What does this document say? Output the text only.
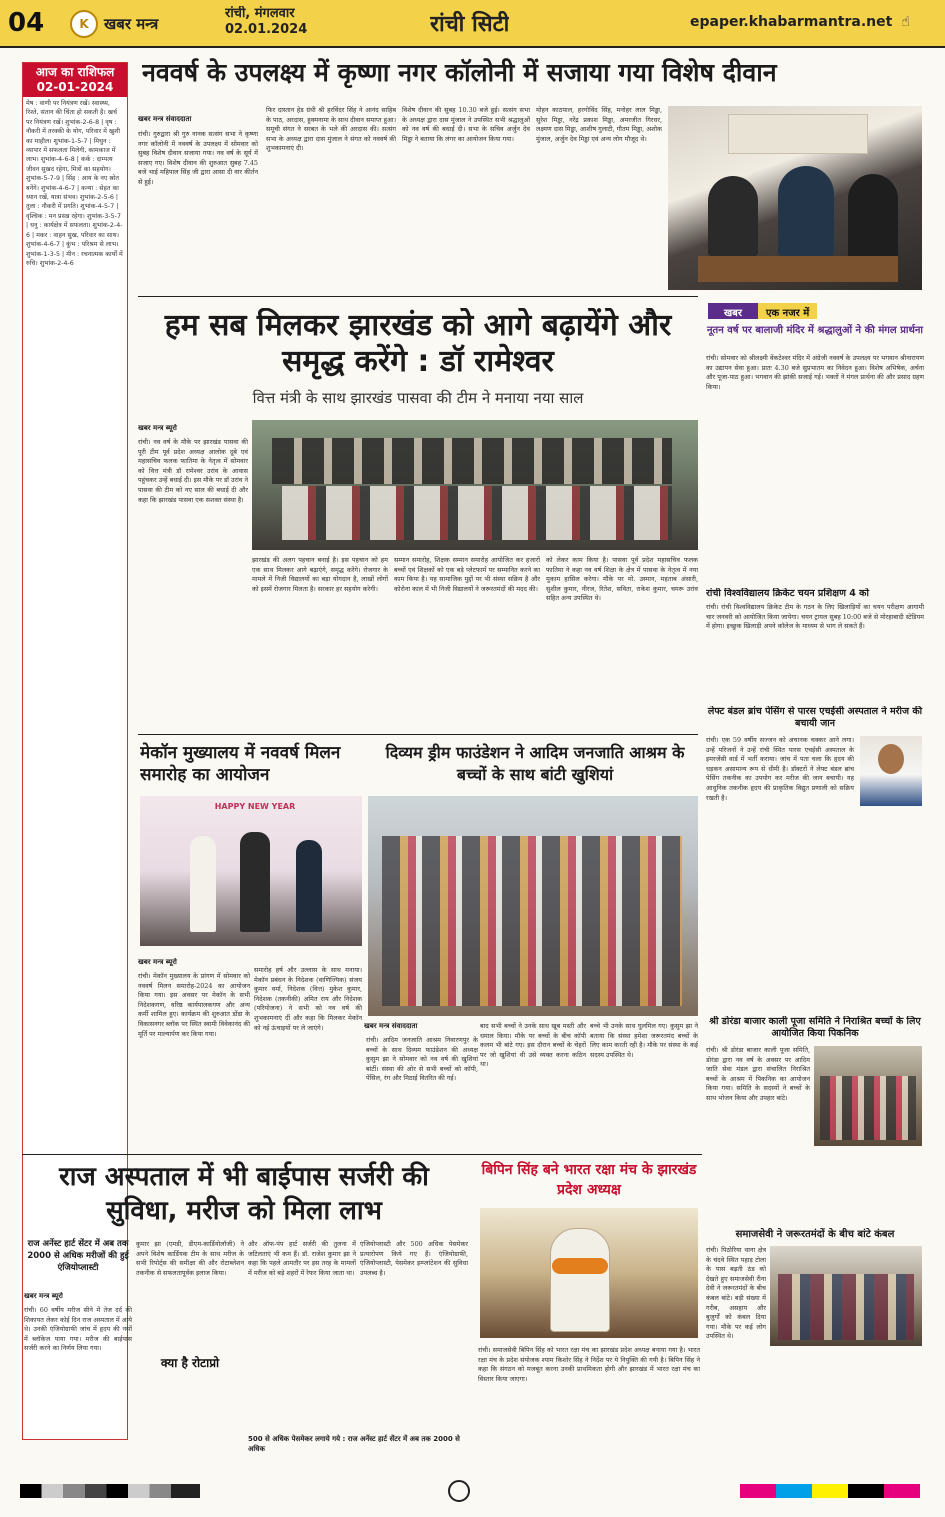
04	K	खबर मन्त्र
रांची, मंगलवार
02.01.2024	रांची सिटी	epaper.khabarmantra.net ☝
आज का राशिफल
02-01-2024
मेष : वाणी पर नियंत्रण रखें। स्वास्थ्य, रिश्ते, संतान की चिंता हो सकती है। खर्च पर नियंत्रण रखें। शुभांक-2-6-8 | वृष : नौकरी में तरक्की के योग, परिवार में खुशी का माहौल। शुभांक-1-5-7 | मिथुन : व्यापार में सफलता मिलेगी, कामकाज में लाभ। शुभांक-4-6-8 | कर्क : दाम्पत्य जीवन सुखद रहेगा, मित्रों का सहयोग। शुभांक-5-7-9 | सिंह : आय के नए स्रोत बनेंगे। शुभांक-4-6-7 | कन्या : सेहत का ध्यान रखें, यात्रा संभव। शुभांक-2-5-6 | तुला : नौकरी में प्रगति। शुभांक-4-5-7 | वृश्चिक : मन प्रसन्न रहेगा। शुभांक-3-5-7 | धनु : कार्यक्षेत्र में सफलता। शुभांक-2-4-6 | मकर : वाहन सुख, परिवार का साथ। शुभांक-4-6-7 | कुंभ : परिश्रम से लाभ। शुभांक-1-3-5 | मीन : रचनात्मक कार्यों में रुचि। शुभांक-2-4-6
नववर्ष के उपलक्ष्य में कृष्णा नगर कॉलोनी में सजाया गया विशेष दीवान
खबर मन्त्र संवाददाता
रांची। गुरुद्वारा श्री गुरु नानक सत्संग सभा ने कृष्णा नगर कॉलोनी में नववर्ष के उपलक्ष्य में सोमवार को सुबह विशेष दीवान सजाया गया। नव वर्ष के सूर्य में सजाए गए। विशेष दीवान की शुरुआत सुबह 7.45 बजे भाई महिपाल सिंह जी द्वारा आसा दी वार कीर्तन से हुई।
फिर दास्तान हेड ग्रंथी श्री हरविंदर सिंह ने आनंद साहिब के पाठ, अरदास, हुक्मनामा के साथ दीवान समाप्त हुआ। समूची संगत ने सरबत के भले की अरदास की। सत्संग सभा के अध्यक्ष द्वारा दास मुंजाल ने संगत को नववर्ष की शुभकामनाएं दी।
विशेष दीवान की सुबह 10.30 बजे हुई। सत्संग सभा के अध्यक्ष द्वारा दास मुंजाल ने उपस्थित सभी श्रद्धालुओं को नव वर्ष की बधाई दी। सभा के सचिव अर्जुन देव मिड्ढा ने बताया कि लंगर का आयोजन किया गया।
मोहन काठपाल, हरगोविंद सिंह, मनोहर लाल मिड्ढा, सुरेश मिड्ढा, नरेंद्र प्रकाश मिड्ढा, अमरजीत गिरधर, लक्ष्मण दास मिड्ढा, आशीष गुलाटी, गौतम मिड्ढा, अशोक मुंजाल, अर्जुन देव मिड्ढा एवं अन्य लोग मौजूद थे।
हम सब मिलकर झारखंड को आगे बढ़ायेंगे और समृद्ध करेंगे : डॉ रामेश्वर
वित्त मंत्री के साथ झारखंड पासवा की टीम ने मनाया नया साल
खबर मन्त्र ब्यूरो
रांची। नव वर्ष के मौके पर झारखंड पासवा की पूरी टीम पूर्व प्रदेश अध्यक्ष आलोक दूबे एवं महासचिव फलक फातिमा के नेतृत्व में सोमवार को वित्त मंत्री डॉ रामेश्वर उरांव के आवास पहुंचकर उन्हें बधाई दी। इस मौके पर डॉ उरांव ने पासवा की टीम को नए साल की बधाई दी और कहा कि झारखंड पासवा एक सशक्त संस्था है।
झारखंड की अलग पहचान बनाई है। इस पहचान को हम एक साथ मिलकर आगे बढ़ाएंगे, समृद्ध करेंगे। रोजगार के मामले में निजी विद्यालयों का बड़ा योगदान है, लाखों लोगों को इसमें रोजगार मिलता है। सरकार हर सहयोग करेगी।
सम्मान समारोह, शिक्षक सम्मान समारोह आयोजित कर हजारों बच्चों एवं शिक्षकों को एक बड़े प्लेटफार्म पर सम्मानित करने का काम किया है। यह सामाजिक मुद्दों पर भी संस्था सक्रिय है और कोरोना काल में भी निजी विद्यालयों ने जरूरतमंदों की मदद की।
को लेकर काम किया है। पासवा पूर्व प्रदेश महासचिव फलक फातिमा ने कहा नव वर्ष शिक्षा के क्षेत्र में पासवा के नेतृत्व में नया मुकाम हासिल करेगा। मौके पर मो. उस्मान, महताब अंसारी, सुशील कुमार, नीरज, रितेश, सविता, राकेश कुमार, चमरू उरांव सहित अन्य उपस्थित थे।
मेकॉन मुख्यालय में नववर्ष मिलन समारोह का आयोजन
HAPPY NEW YEAR
खबर मन्त्र ब्यूरो
रांची। मेकॉन मुख्यालय के प्रांगण में सोमवार को नववर्ष मिलन समारोह-2024 का आयोजन किया गया। इस अवसर पर मेकॉन के सभी निदेशकगण, वरिष्ठ कार्यपालकगण और अन्य कर्मी शामिल हुए। कार्यक्रम की शुरुआत डोंडा के विकासनगर ब्लॉक पर स्थित स्वामी विवेकानंद की मूर्ति पर माल्यार्पण कर किया गया।
समारोह हर्ष और उल्लास के साथ मनाया। मेकॉन प्रबंधन के निदेशक (वाणिज्यिक) संजय कुमार वर्मा, निदेशक (वित्त) मुकेश कुमार, निदेशक (तकनीकी) अमित राय और निदेशक (परियोजना) ने सभी को नव वर्ष की शुभकामनाएं दीं और कहा कि मिलकर मेकॉन को नई ऊंचाइयों पर ले जाएंगे।
दिव्यम ड्रीम फाउंडेशन ने आदिम जनजाति आश्रम के बच्चों के साथ बांटी खुशियां
खबर मन्त्र संवाददाता
रांची। आदिम जनजाति आश्रम निवारणपुर के बच्चों के साथ दिव्यम फाउंडेशन की अध्यक्ष कुसुम झा ने सोमवार को नव वर्ष की खुशियां बांटीं। संस्था की ओर से सभी बच्चों को कॉपी, पेंसिल, रंग और मिठाई वितरित की गई।
बाद सभी बच्चों ने उनके साथ खूब मस्ती और धमाल किया। मौके पर बच्चों के बीच कॉपी कलम भी बांटे गए। इस दौरान बच्चों के चेहरों पर जो खुशियां थी उसे व्यक्त करना कठिन था।
बच्चे भी उनके साथ घुलमिल गए। कुसुम झा ने बताया कि संस्था हमेशा जरूरतमंद बच्चों के लिए काम करती रही है। मौके पर संस्था के कई सदस्य उपस्थित थे।
राज अस्पताल में भी बाईपास सर्जरी की सुविधा, मरीज को मिला लाभ
राज अर्नेस्ट हार्ट सेंटर में अब तक 2000 से अधिक मरीजों की हुई एंजियोप्लास्टी
खबर मन्त्र ब्यूरो
रांची। 60 वर्षीय मरीज सीने में तेज दर्द की शिकायत लेकर कोई दिन राज अस्पताल में आये थे। उनकी एंजियोग्राफी जांच में हृदय की नसों में ब्लॉकेज पाया गया। मरीज की बाईपास सर्जरी करने का निर्णय लिया गया।
कुमार झा (एमडी, डीएम-कार्डियोलॉजी) ने अपने विशेष कार्डियक टीम के साथ मरीज के सभी रिपोर्ट्स की समीक्षा की और रोटाब्लेशन तकनीक से सफलतापूर्वक इलाज किया।
क्या है रोटाप्रो
और ऑफ-पंप हार्ट सर्जरी की तुलना में जटिलताएं भी कम हैं। डॉ. राजेश कुमार झा ने कहा कि पहले आमतौर पर इस तरह के मामलों में मरीज को बड़े शहरों में रेफर किया जाता था।
एंजियोप्लास्टी और 500 अधिक पेसमेकर प्रत्यारोपण किये गए हैं। एंजियोग्राफी, एंजियोप्लास्टी, पेसमेकर इम्प्लांटेशन की सुविधा उपलब्ध है।
500 से अधिक पेसमेकर लगाये गये : राज अर्नेस्ट हार्ट सेंटर में अब तक 2000 से अधिक
बिपिन सिंह बने भारत रक्षा मंच के झारखंड प्रदेश अध्यक्ष
रांची। समाजसेवी बिपिन सिंह को भारत रक्षा मंच का झारखंड प्रदेश अध्यक्ष बनाया गया है। भारत रक्षा मंच के प्रदेश संयोजक श्याम किशोर सिंह ने निर्देश पर ये नियुक्ति की गयी है। बिपिन सिंह ने कहा कि संगठन को मजबूत करना उनकी प्राथमिकता होगी और झारखंड में भारत रक्षा मंच का विस्तार किया जाएगा।
खबर एक नजर में
नूतन वर्ष पर बालाजी मंदिर में श्रद्धालुओं ने की मंगल प्रार्थना
रांची। सोमवार को श्रीलक्ष्मी वेंकटेश्वर मंदिर में अंग्रेजी नववर्ष के उपलक्ष्य पर भगवान श्रीनारायण का उद्यापन सेवा हुआ। प्रातः 4.30 बजे सुप्रभातम का निवेदन हुआ। विशेष अभिषेक, अर्चना और पूजा-पाठ हुआ। भगवान की झांकी सजाई गई। भक्तों ने मंगल प्रार्थना की और प्रसाद ग्रहण किया।
रांची विश्वविद्यालय क्रिकेट चयन प्रशिक्षण 4 को
रांची। रांची विश्वविद्यालय क्रिकेट टीम के गठन के लिए खिलाड़ियों का चयन परीक्षण आगामी चार जनवरी को आयोजित किया जायेगा। चयन ट्रायल सुबह 10:00 बजे से मोरहाबादी स्टेडियम में होगा। इच्छुक खिलाड़ी अपने कॉलेज के माध्यम से भाग ले सकते हैं।
लेफ्ट बंडल ब्रांच पेसिंग से पारस एचईसी अस्पताल ने मरीज की बचायी जान
रांची। एक 59 वर्षीय सज्जन को अचानक चक्कर आने लगा। उन्हें परिजनों ने उन्हें रांची स्थित पारस एचईसी अस्पताल के इमरजेंसी वार्ड में भर्ती कराया। जांच में पता चला कि हृदय की धड़कन असामान्य रूप से धीमी है। डॉक्टरों ने लेफ्ट बंडल ब्रांच पेसिंग तकनीक का उपयोग कर मरीज की जान बचायी। यह आधुनिक तकनीक हृदय की प्राकृतिक विद्युत प्रणाली को सक्रिय रखती है।
श्री डोरंडा बाजार काली पूजा समिति ने निराश्रित बच्चों के लिए आयोजित किया पिकनिक
रांची। श्री डोरंडा बाजार काली पूजा समिति, डोरंडा द्वारा नव वर्ष के अवसर पर आदिम जाति सेवा मंडल द्वारा संचालित निराश्रित बच्चों के आश्रम में पिकनिक का आयोजन किया गया। समिति के सदस्यों ने बच्चों के साथ भोजन किया और उपहार बांटे।
समाजसेवी ने जरूरतमंदों के बीच बांटे कंबल
रांची। पिठोरिया थाना क्षेत्र के चंदवे स्थित पहाड़ टोला के पास बढ़ती ठंड को देखते हुए समाजसेवी रीना देवी ने जरूरतमंदों के बीच कंबल बांटे। बड़ी संख्या में गरीब, असहाय और बुजुर्गों को कंबल दिया गया। मौके पर कई लोग उपस्थित थे।
